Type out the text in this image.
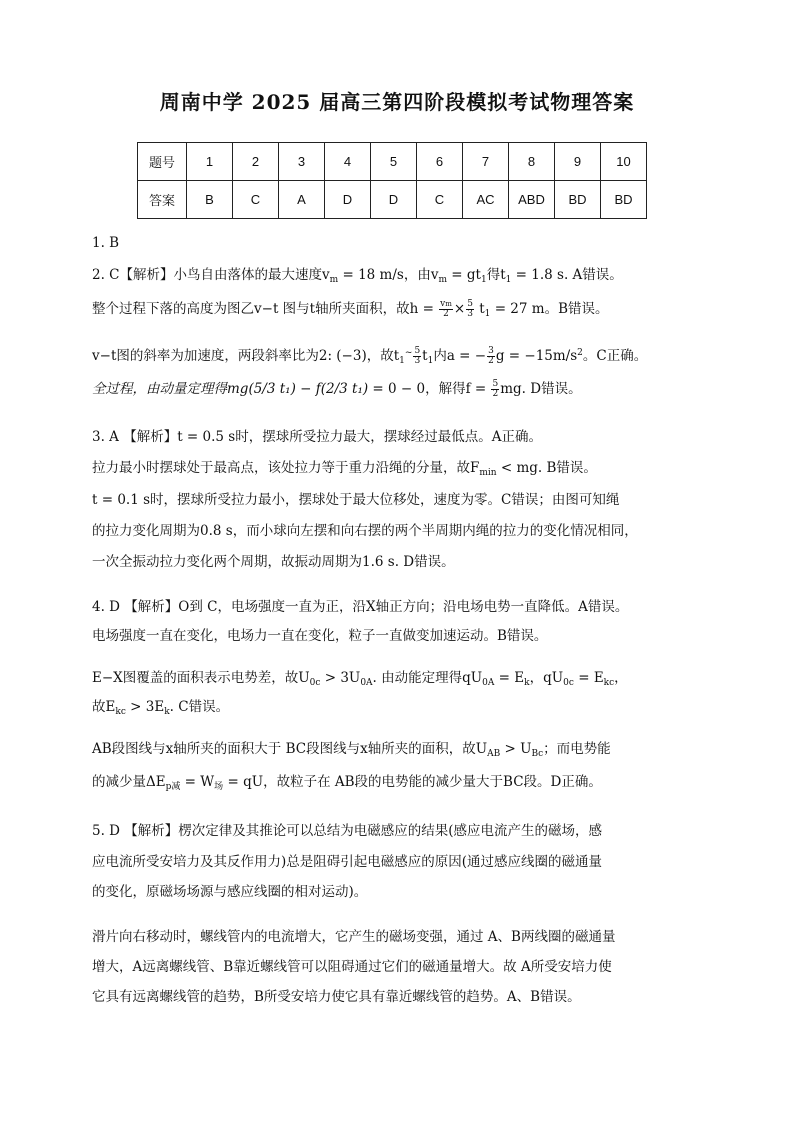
周南中学 2025 届高三第四阶段模拟考试物理答案
题号	1	2	3	4	5	6	7	8	9	10
答案	B	C	A	D	D	C	AC	ABD	BD	BD
1. B
2. C【解析】小鸟自由落体的最大速度$v_m = 18$ m/s，由$v_m = gt_1$得$t_1 = 1.8$ s. A错误。
整个过程下落的高度为图乙v−t 图与t轴所夹面积，故$h = \frac{vm}{2} \times \frac{5}{3} t_1 = 27$ m。B错误。
v−t图的斜率为加速度，两段斜率比为2: (−3)，故$t_1^\sim \frac{5}{3} t_1$内a = − $\frac{3}{2}$ $g = -15m/s^2$。C正确。
全过程，由动量定理得mg(5/3 t₁) − f(2/3 t₁) = 0 − 0，解得$f = \frac{5}{2}$ mg. D错误。
3. A 【解析】t = 0.5 s时，摆球所受拉力最大，摆球经过最低点。A正确。
拉力最小时摆球处于最高点，该处拉力等于重力沿绳的分量，故$F_{min}$ < mg. B错误。
t = 0.1 s时，摆球所受拉力最小，摆球处于最大位移处，速度为零。C错误；由图可知绳
的拉力变化周期为0.8 s，而小球向左摆和向右摆的两个半周期内绳的拉力的变化情况相同，
一次全振动拉力变化两个周期，故振动周期为1.6 s. D错误。
4. D 【解析】O到 C，电场强度一直为正，沿X轴正方向；沿电场电势一直降低。A错误。
电场强度一直在变化，电场力一直在变化，粒子一直做变加速运动。B错误。
E−X图覆盖的面积表示电势差，故$U_{0c} > 3U_{0A}$. 由动能定理得$qU_{0A} = E_k$，$qU_{0c} = E_{kc}$，
故$E_{kc} > 3E_k$. C错误。
AB段图线与x轴所夹的面积大于 BC段图线与x轴所夹的面积，故$U_{AB} > U_{Bc}$；而电势能
的减少量$\Delta E_{p减} = W_场$ = qU，故粒子在 AB段的电势能的减少量大于BC段。D正确。
5. D 【解析】楞次定律及其推论可以总结为电磁感应的结果(感应电流产生的磁场，感
应电流所受安培力及其反作用力)总是阻碍引起电磁感应的原因(通过感应线圈的磁通量
的变化，原磁场场源与感应线圈的相对运动)。
滑片向右移动时，螺线管内的电流增大，它产生的磁场变强，通过 A、B两线圈的磁通量
增大，A远离螺线管、B靠近螺线管可以阻碍通过它们的磁通量增大。故 A所受安培力使
它具有远离螺线管的趋势，B所受安培力使它具有靠近螺线管的趋势。A、B错误。
